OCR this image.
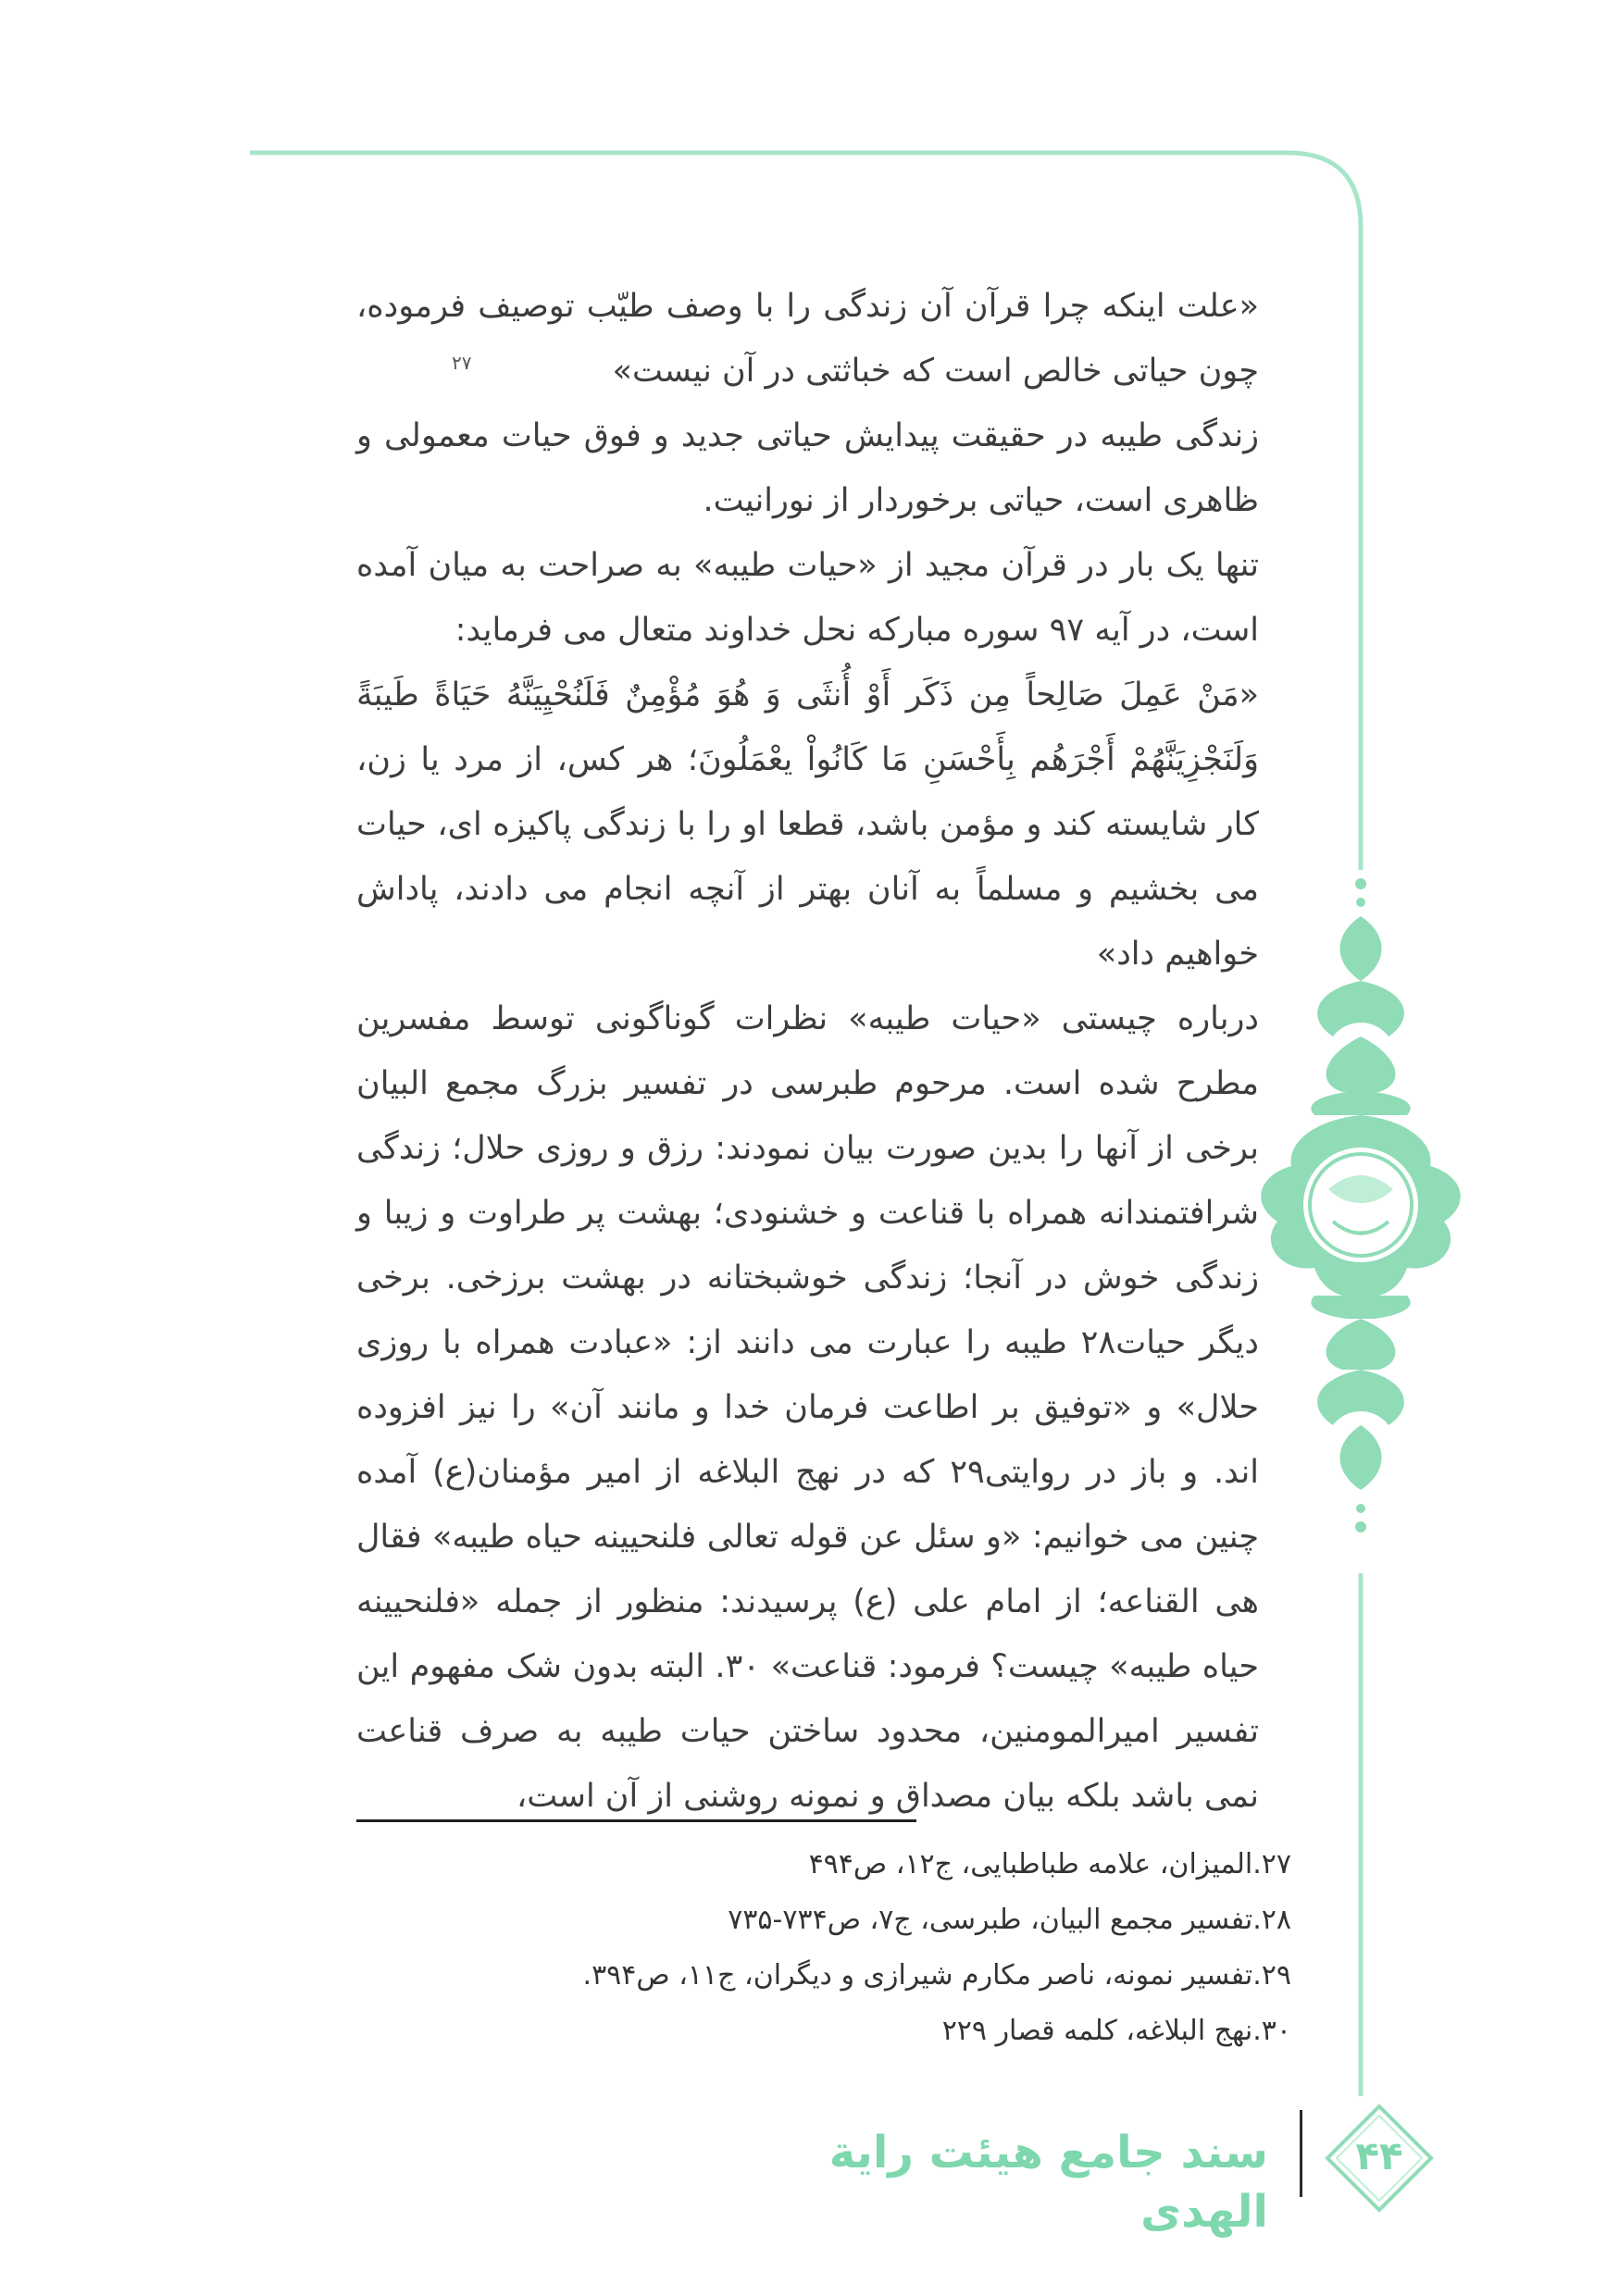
«علت اینکه چرا قرآن آن زندگی را با وصف طیّب توصیف فرموده، چون حیاتی خالص است که خباثتی در آن نیست»

زندگی طیبه در حقیقت پیدایش حیاتی جدید و فوق حیات معمولی و ظاهری است، حیاتی برخوردار از نورانیت.

تنها یک بار در قرآن مجید از «حیات طیبه» به صراحت به میان آمده است، در آیه ۹۷ سوره مبارکه نحل خداوند متعال می فرماید:

«مَنْ عَمِلَ صَالِحاً مِن ذَكَر أَوْ أُنثَى وَ هُوَ مُؤْمِنٌ فَلَنُحْيِيَنَّهُ حَيَاةً طَيبَةً وَلَنَجْزِيَنَّهُمْ أَجْرَهُم بِأَحْسَنِ مَا كَانُواْ يعْمَلُونَ؛ هر کس، از مرد یا زن، کار شایسته کند و مؤمن باشد، قطعا او را با زندگی پاکیزه ای، حیات می بخشیم و مسلماً به آنان بهتر از آنچه انجام می دادند، پاداش خواهیم داد»

درباره چیستی «حیات طیبه» نظرات گوناگونی توسط مفسرین مطرح شده است. مرحوم طبرسی در تفسیر بزرگ مجمع البیان برخی از آنها را بدین صورت بیان نمودند: رزق و روزی حلال؛ زندگی شرافتمندانه همراه با قناعت و خشنودی؛ بهشت پر طراوت و زیبا و زندگی خوش در آنجا؛ زندگی خوشبختانه در بهشت برزخی. برخی دیگر حیات۲۸ طیبه را عبارت می دانند از: «عبادت همراه با روزی حلال» و «توفیق بر اطاعت فرمان خدا و مانند آن» را نیز افزوده اند. و باز در روایتی۲۹ که در نهج البلاغه از امیر مؤمنان(ع) آمده چنین می خوانیم: «و سئل عن قوله تعالی فلنحیینه حیاه طیبه» فقال هی القناعه؛ از امام علی (ع) پرسیدند: منظور از جمله «فلنحیینه حیاه طیبه» چیست؟ فرمود: قناعت» ۳۰. البته بدون شک مفهوم این تفسیر امیرالمومنین، محدود ساختن حیات طیبه به صرف قناعت نمی باشد بلکه بیان مصداق و نمونه روشنی از آن است،

۲۷

۲۷.المیزان، علامه طباطبایی، ج۱۲، ص۴۹۴

۲۸.تفسیر مجمع البیان، طبرسی، ج۷، ص۷۳۴-۷۳۵

۲۹.تفسیر نمونه، ناصر مکارم شیرازی و دیگران، ج۱۱، ص۳۹۴.

۳۰.نهج البلاغه، کلمه قصار ۲۲۹

سند جامع هیئت رایة الهدی
۴۴
